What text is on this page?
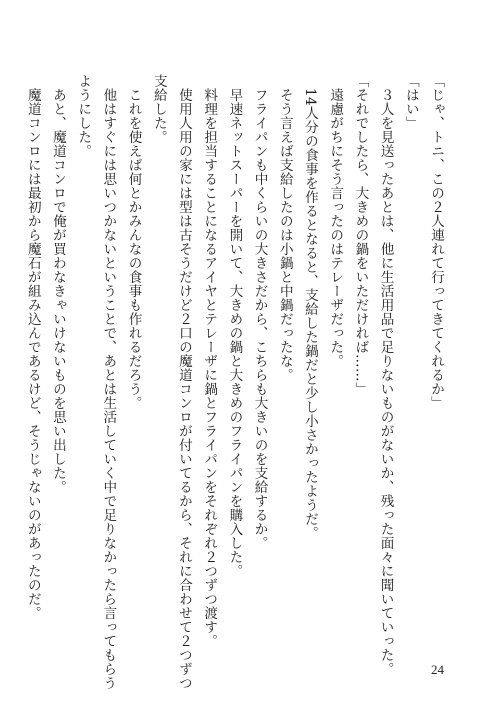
「じゃ、トニ、この２人連れて行ってきてくれるか」
「はい」
　３人を見送ったあとは、他に生活用品で足りないものがないか、残った面々に聞いていった。
「それでしたら、大きめの鍋をいただければ……」
　遠慮がちにそう言ったのはテレーザだった。
　14人分の食事を作るとなると、支給した鍋だと少し小さかったようだ。
　そう言えば支給したのは小鍋と中鍋だったな。
　フライパンも中くらいの大きさだから、こちらも大きいのを支給するか。
　早速ネットスーパーを開いて、大きめの鍋と大きめのフライパンを購入した。
　料理を担当することになるアイヤとテレーザに鍋とフライパンをそれぞれ２つずつ渡す。
　使用人用の家には型は古そうだけど２口の魔道コンロが付いてるから、それに合わせて２つずつ
支給した。
　これを使えば何とかみんなの食事も作れるだろう。
　他はすぐには思いつかないということで、あとは生活していく中で足りなかったら言ってもらう
ようにした。
　あと、魔道コンロで俺が買わなきゃいけないものを思い出した。
　魔道コンロには最初から魔石が組み込んであるけど、そうじゃないのがあったのだ。
24
